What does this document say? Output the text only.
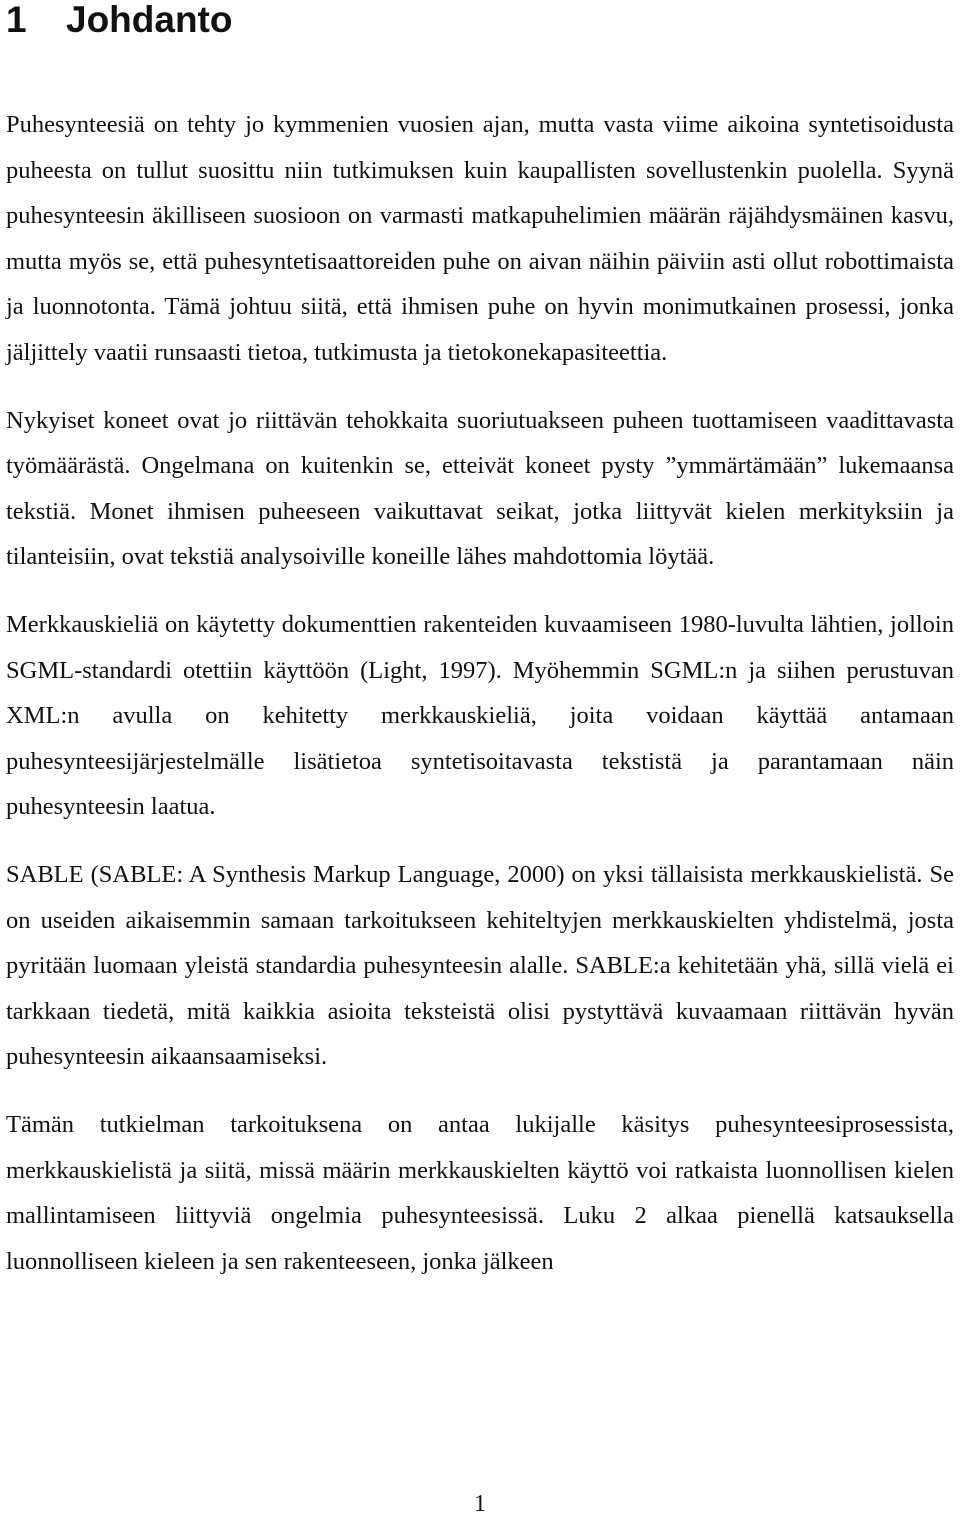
1 Johdanto

Puhesynteesiä on tehty jo kymmenien vuosien ajan, mutta vasta viime aikoina syntetisoidusta puheesta on tullut suosittu niin tutkimuksen kuin kaupallisten sovellustenkin puolella. Syynä puhesynteesin äkilliseen suosioon on varmasti matkapuhelimien määrän räjähdysmäinen kasvu, mutta myös se, että puhesyntetisaattoreiden puhe on aivan näihin päiviin asti ollut robottimaista ja luonnotonta. Tämä johtuu siitä, että ihmisen puhe on hyvin monimutkainen prosessi, jonka jäljittely vaatii runsaasti tietoa, tutkimusta ja tietokonekapasiteettia.

Nykyiset koneet ovat jo riittävän tehokkaita suoriutuakseen puheen tuottamiseen vaadittavasta työmäärästä. Ongelmana on kuitenkin se, etteivät koneet pysty ”ymmärtämään” lukemaansa tekstiä. Monet ihmisen puheeseen vaikuttavat seikat, jotka liittyvät kielen merkityksiin ja tilanteisiin, ovat tekstiä analysoiville koneille lähes mahdottomia löytää.

Merkkauskieliä on käytetty dokumenttien rakenteiden kuvaamiseen 1980-luvulta lähtien, jolloin SGML-standardi otettiin käyttöön (Light, 1997). Myöhemmin SGML:n ja siihen perustuvan XML:n avulla on kehitetty merkkauskieliä, joita voidaan käyttää antamaan puhesynteesijärjestelmälle lisätietoa syntetisoitavasta tekstistä ja parantamaan näin puhesynteesin laatua.

SABLE (SABLE: A Synthesis Markup Language, 2000) on yksi tällaisista merkkauskielistä. Se on useiden aikaisemmin samaan tarkoitukseen kehiteltyjen merkkauskielten yhdistelmä, josta pyritään luomaan yleistä standardia puhesynteesin alalle. SABLE:a kehitetään yhä, sillä vielä ei tarkkaan tiedetä, mitä kaikkia asioita teksteistä olisi pystyttävä kuvaamaan riittävän hyvän puhesynteesin aikaansaamiseksi.

Tämän tutkielman tarkoituksena on antaa lukijalle käsitys puhesynteesiprosessista, merkkauskielistä ja siitä, missä määrin merkkauskielten käyttö voi ratkaista luonnollisen kielen mallintamiseen liittyviä ongelmia puhesynteesissä. Luku 2 alkaa pienellä katsauksella luonnolliseen kieleen ja sen rakenteeseen, jonka jälkeen

1
